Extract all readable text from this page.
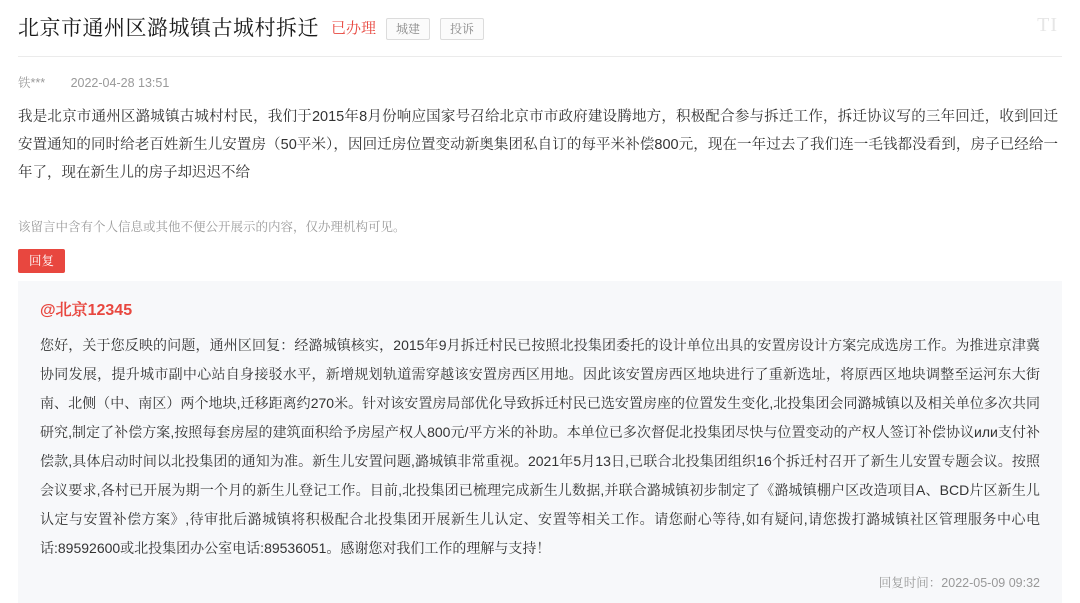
北京市通州区潞城镇古城村拆迁 已办理	城建	投诉	TI
铁*** 2022-04-28 13:51
我是北京市通州区潞城镇古城村村民，我们于2015年8月份响应国家号召给北京市市政府建设腾地方，积极配合参与拆迁工作，拆迁协议写的三年回迁，收到回迁安置通知的同时给老百姓新生儿安置房（50平米），因回迁房位置变动新奥集团私自订的每平米补偿800元，现在一年过去了我们连一毛钱都没看到，房子已经给一年了，现在新生儿的房子却迟迟不给
该留言中含有个人信息或其他不便公开展示的内容，仅办理机构可见。
回复
@北京12345
您好，关于您反映的问题，通州区回复：经潞城镇核实，2015年9月拆迁村民已按照北投集团委托的设计单位出具的安置房设计方案完成选房工作。为推进京津冀协同发展，提升城市副中心站自身接驳水平，新增规划轨道需穿越该安置房西区用地。因此该安置房西区地块进行了重新选址，将原西区地块调整至运河东大街南、北侧（中、南区）两个地块,迁移距离约270米。针对该安置房局部优化导致拆迁村民已选安置房座的位置发生变化,北投集团会同潞城镇以及相关单位多次共同研究,制定了补偿方案,按照每套房屋的建筑面积给予房屋产权人800元/平方米的补助。本单位已多次督促北投集团尽快与位置变动的产权人签订补偿协议или支付补偿款,具体启动时间以北投集团的通知为准。新生儿安置问题,潞城镇非常重视。2021年5月13日,已联合北投集团组织16个拆迁村召开了新生儿安置专题会议。按照会议要求,各村已开展为期一个月的新生儿登记工作。目前,北投集团已梳理完成新生儿数据,并联合潞城镇初步制定了《潞城镇棚户区改造项目A、BCD片区新生儿认定与安置补偿方案》,待审批后潞城镇将积极配合北投集团开展新生儿认定、安置等相关工作。请您耐心等待,如有疑问,请您拨打潞城镇社区管理服务中心电话:89592600或北投集团办公室电话:89536051。感谢您对我们工作的理解与支持！
回复时间：2022-05-09 09:32
